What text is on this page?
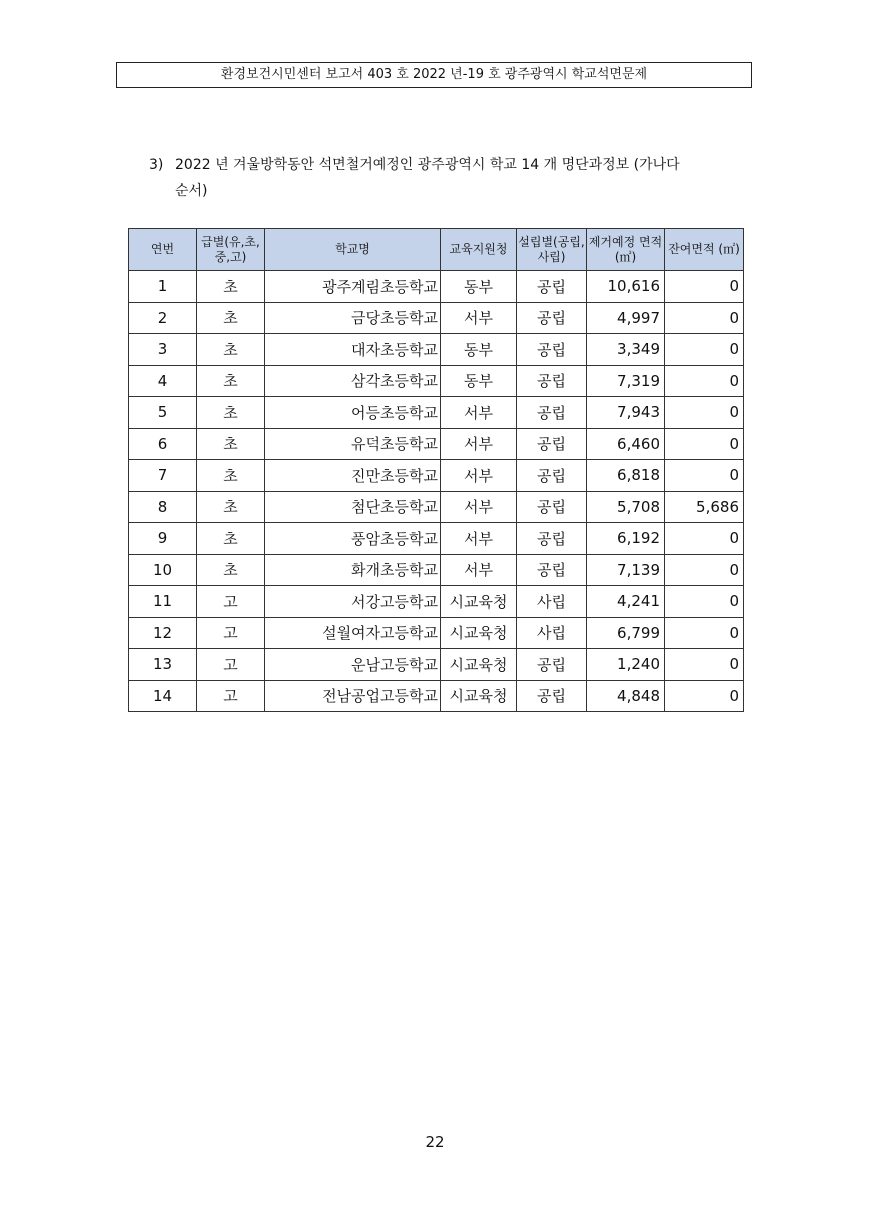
환경보건시민센터 보고서 403 호 2022 년-19 호 광주광역시 학교석면문제
3) 2022 년 겨울방학동안 석면철거예정인 광주광역시 학교 14 개 명단과정보 (가나다
순서)
연번	급별(유,초,중,고)	학교명	교육지원청	설립별(공립,사립)	제거예정 면적(㎡)	잔여면적 (㎡)
1	초	광주계림초등학교	동부	공립	10,616	0
2	초	금당초등학교	서부	공립	4,997	0
3	초	대자초등학교	동부	공립	3,349	0
4	초	삼각초등학교	동부	공립	7,319	0
5	초	어등초등학교	서부	공립	7,943	0
6	초	유덕초등학교	서부	공립	6,460	0
7	초	진만초등학교	서부	공립	6,818	0
8	초	첨단초등학교	서부	공립	5,708	5,686
9	초	풍암초등학교	서부	공립	6,192	0
10	초	화개초등학교	서부	공립	7,139	0
11	고	서강고등학교	시교육청	사립	4,241	0
12	고	설월여자고등학교	시교육청	사립	6,799	0
13	고	운남고등학교	시교육청	공립	1,240	0
14	고	전남공업고등학교	시교육청	공립	4,848	0
22
